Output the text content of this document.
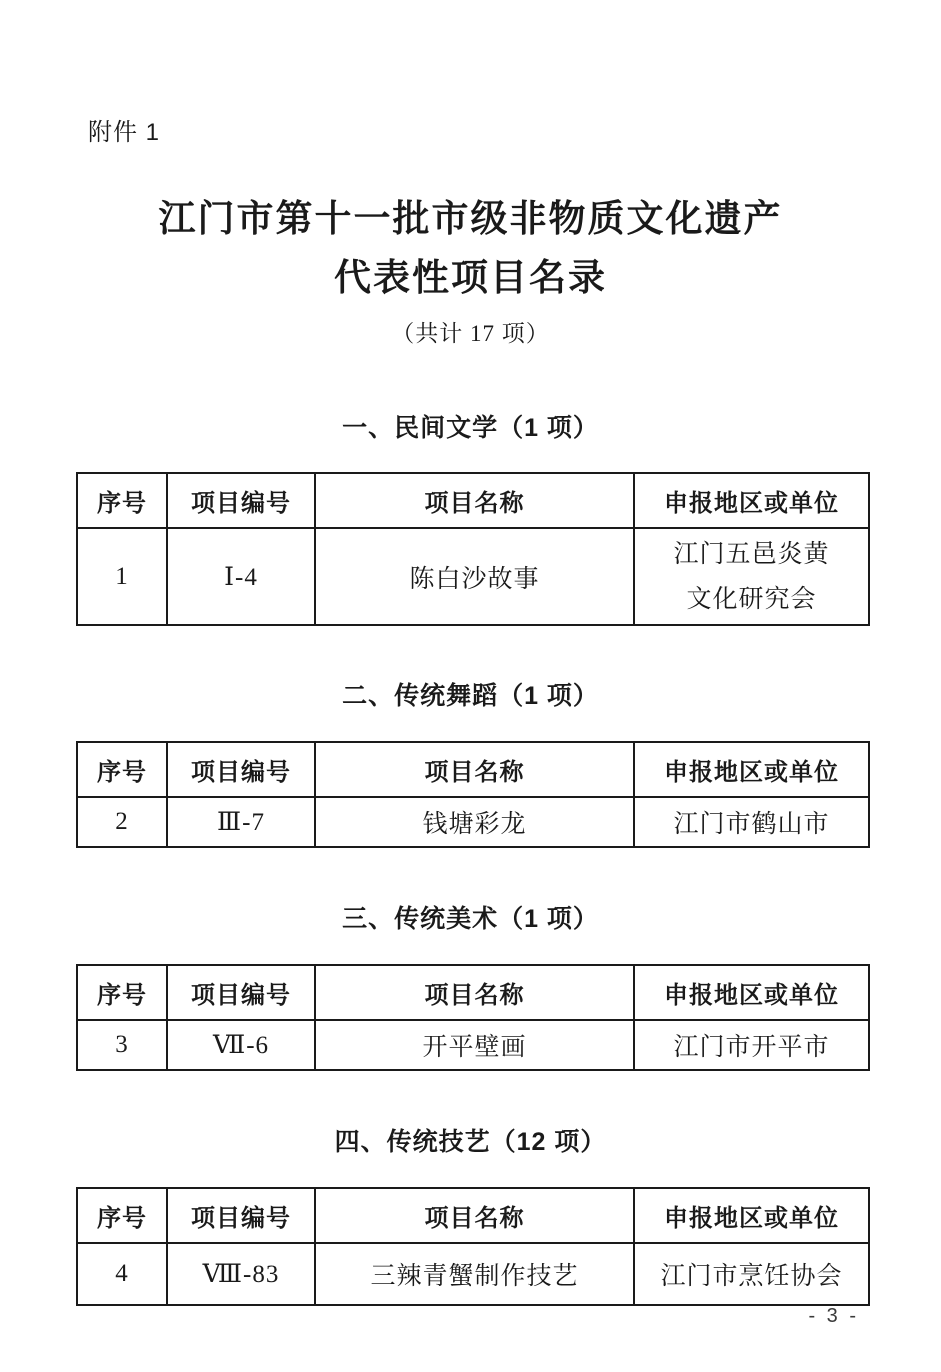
附件 1
江门市第十一批市级非物质文化遗产
代表性项目名录
（共计 17 项）
一、民间文学（1 项）
序号	项目编号	项目名称	申报地区或单位
1	Ⅰ-4	陈白沙故事	江门五邑炎黄
文化研究会
二、传统舞蹈（1 项）
序号	项目编号	项目名称	申报地区或单位
2	Ⅲ-7	钱塘彩龙	江门市鹤山市
三、传统美术（1 项）
序号	项目编号	项目名称	申报地区或单位
3	Ⅶ-6	开平壁画	江门市开平市
四、传统技艺（12 项）
序号	项目编号	项目名称	申报地区或单位
4	Ⅷ-83	三辣青蟹制作技艺	江门市烹饪协会
- 3 -
